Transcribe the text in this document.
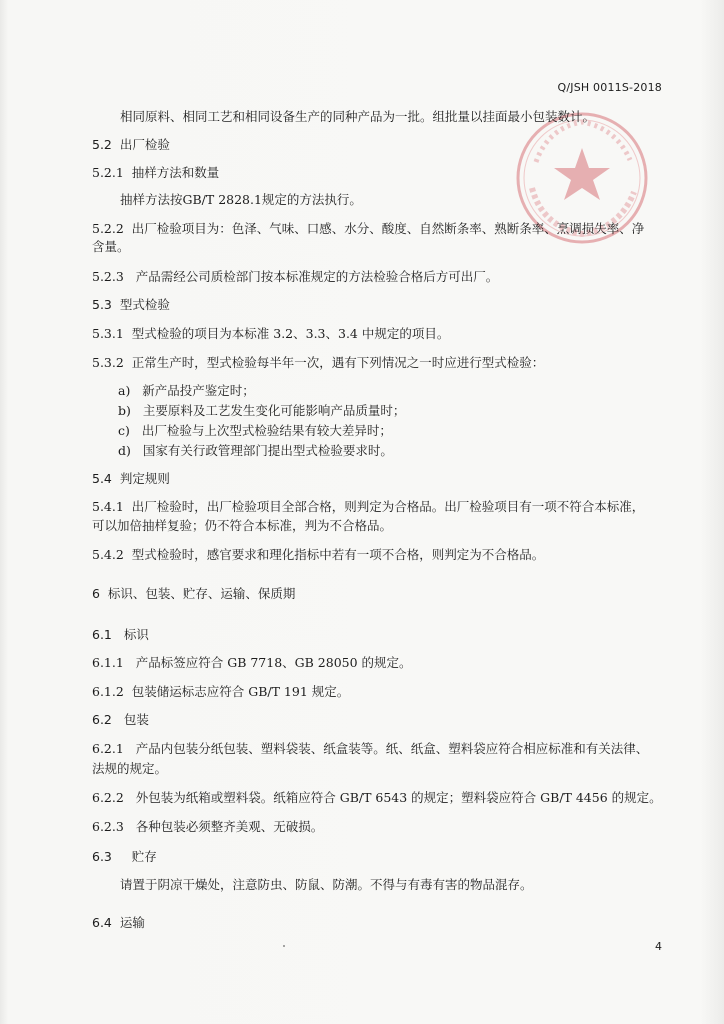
Q/JSH 0011S-2018
相同原料、相同工艺和相同设备生产的同种产品为一批。组批量以挂面最小包装数计。
5.2 出厂检验
5.2.1 抽样方法和数量
抽样方法按GB/T 2828.1规定的方法执行。
5.2.2 出厂检验项目为：色泽、气味、口感、水分、酸度、自然断条率、熟断条率、烹调损失率、净
含量。
5.2.3 产品需经公司质检部门按本标准规定的方法检验合格后方可出厂。
5.3 型式检验
5.3.1 型式检验的项目为本标准 3.2、3.3、3.4 中规定的项目。
5.3.2 正常生产时，型式检验每半年一次，遇有下列情况之一时应进行型式检验：
a) 新产品投产鉴定时；
b) 主要原料及工艺发生变化可能影响产品质量时；
c) 出厂检验与上次型式检验结果有较大差异时；
d) 国家有关行政管理部门提出型式检验要求时。
5.4 判定规则
5.4.1 出厂检验时，出厂检验项目全部合格，则判定为合格品。出厂检验项目有一项不符合本标准，
可以加倍抽样复验；仍不符合本标准，判为不合格品。
5.4.2 型式检验时，感官要求和理化指标中若有一项不合格，则判定为不合格品。
6 标识、包装、贮存、运输、保质期
6.1 标识
6.1.1 产品标签应符合 GB 7718、GB 28050 的规定。
6.1.2 包装储运标志应符合 GB/T 191 规定。
6.2 包装
6.2.1 产品内包装分纸包装、塑料袋装、纸盒装等。纸、纸盒、塑料袋应符合相应标准和有关法律、
法规的规定。
6.2.2 外包装为纸箱或塑料袋。纸箱应符合 GB/T 6543 的规定；塑料袋应符合 GB/T 4456 的规定。
6.2.3 各种包装必须整齐美观、无破损。
6.3 贮存
请置于阴凉干燥处，注意防虫、防鼠、防潮。不得与有毒有害的物品混存。
6.4 运输
4
